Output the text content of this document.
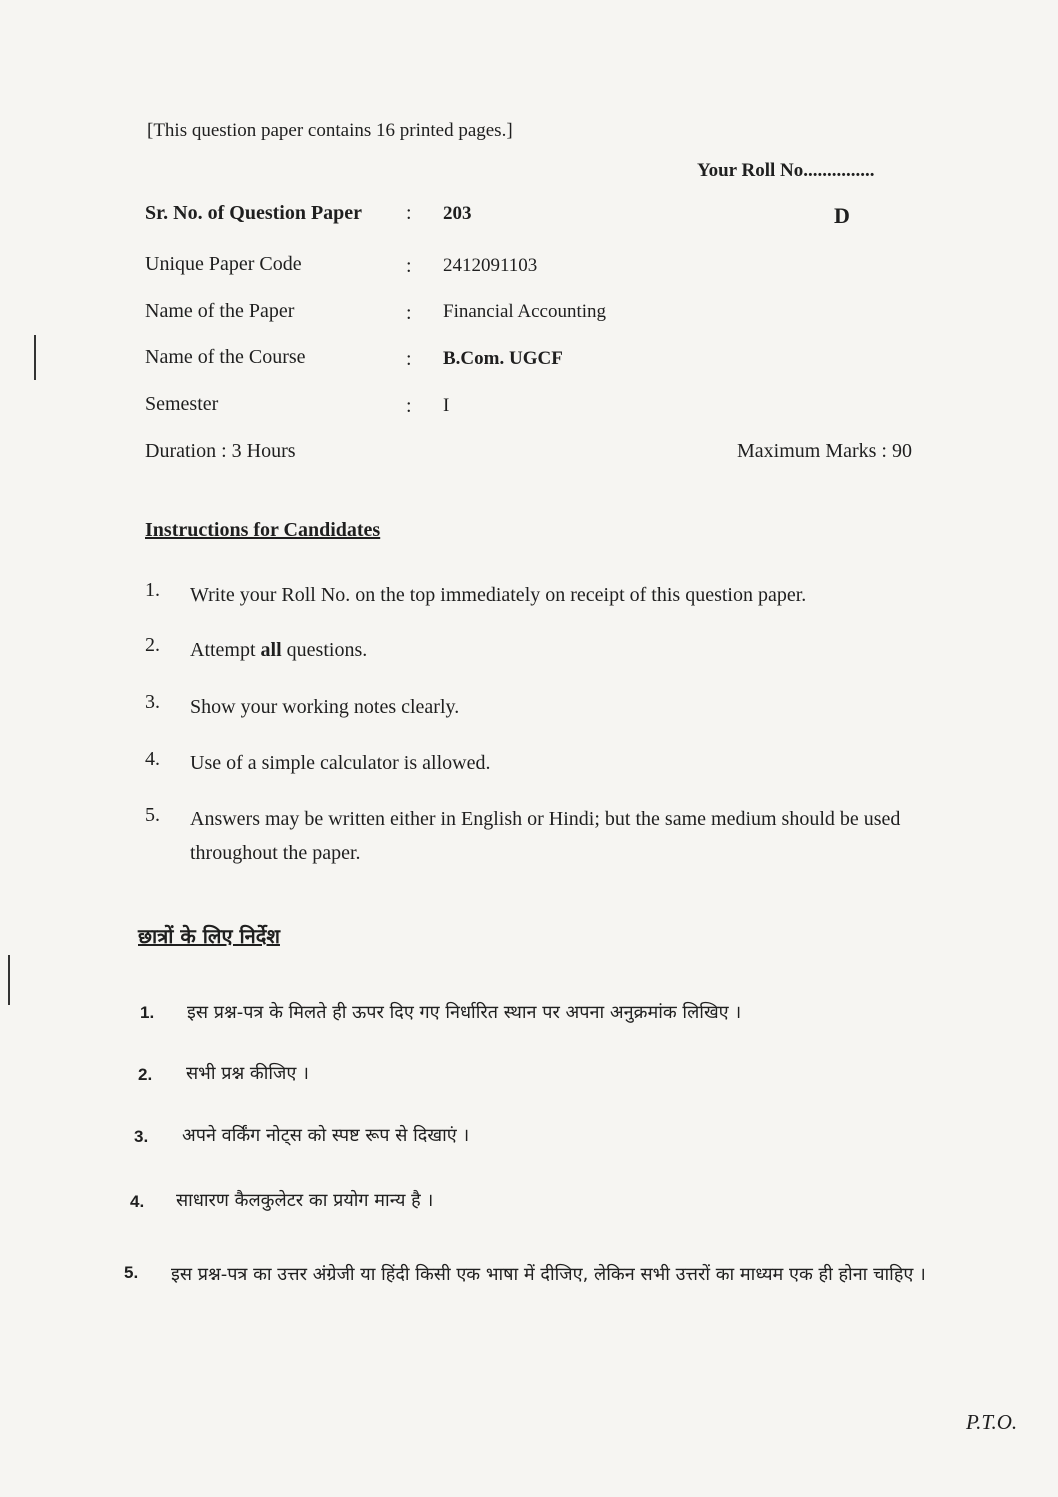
[This question paper contains 16 printed pages.]
Your Roll No...............
D
Sr. No. of Question Paper : 203
Unique Paper Code	: 2412091103
Name of the Paper	: Financial Accounting
Name of the Course	: B.Com. UGCF
Semester	: I
Duration : 3 Hours	Maximum Marks : 90
Instructions for Candidates
1. Write your Roll No. on the top immediately on receipt of this question paper.
2. Attempt all questions.
3. Show your working notes clearly.
4. Use of a simple calculator is allowed.
5. Answers may be written either in English or Hindi; but the same medium should be used throughout the paper.
छात्रों के लिए निर्देश
1. इस प्रश्न-पत्र के मिलते ही ऊपर दिए गए निर्धारित स्थान पर अपना अनुक्रमांक लिखिए ।
2. सभी प्रश्न कीजिए ।
3. अपने वर्किंग नोट्स को स्पष्ट रूप से दिखाएं ।
4. साधारण कैलकुलेटर का प्रयोग मान्य है ।
5. इस प्रश्न-पत्र का उत्तर अंग्रेजी या हिंदी किसी एक भाषा में दीजिए, लेकिन सभी उत्तरों का माध्यम एक ही होना चाहिए ।
P.T.O.
